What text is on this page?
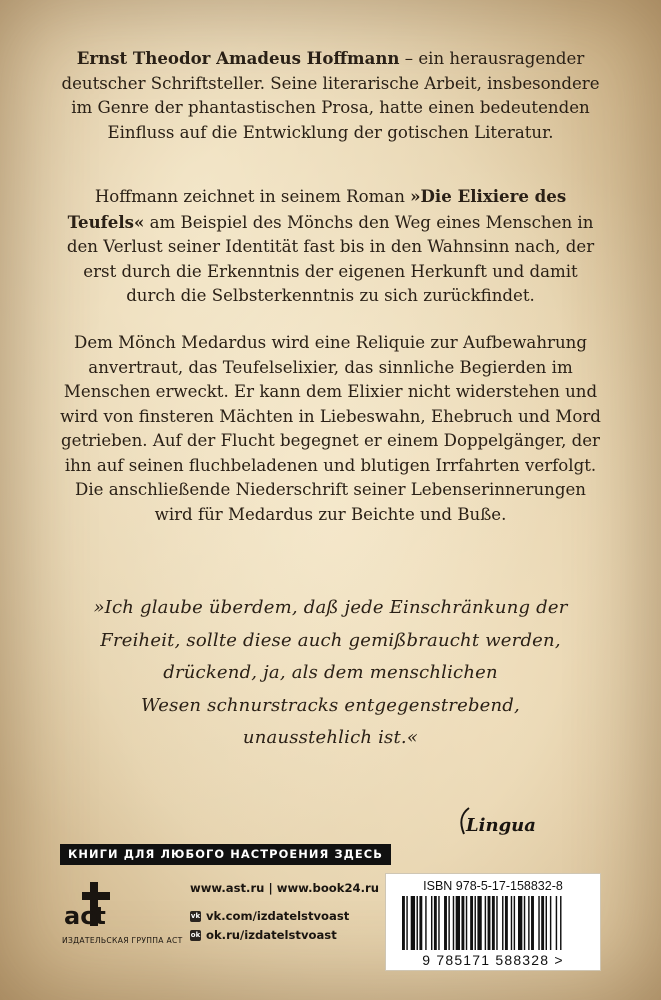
Ernst Theodor Amadeus Hoffmann – ein herausragender deutscher Schriftsteller. Seine literarische Arbeit, insbesondere im Genre der phantastischen Prosa, hatte einen bedeutenden Einfluss auf die Entwicklung der gotischen Literatur.

Hoffmann zeichnet in seinem Roman »Die Elixiere des Teufels« am Beispiel des Mönchs den Weg eines Menschen in den Verlust seiner Identität fast bis in den Wahnsinn nach, der erst durch die Erkenntnis der eigenen Herkunft und damit durch die Selbsterkenntnis zu sich zurückfindet.

Dem Mönch Medardus wird eine Reliquie zur Aufbewahrung anvertraut, das Teufelselixier, das sinnliche Begierden im Menschen erweckt. Er kann dem Elixier nicht widerstehen und wird von finsteren Mächten in Liebeswahn, Ehebruch und Mord getrieben. Auf der Flucht begegnet er einem Doppelgänger, der ihn auf seinen fluchbeladenen und blutigen Irrfahrten verfolgt. Die anschließende Niederschrift seiner Lebenserinnerungen wird für Medardus zur Beichte und Buße.

»Ich glaube überdem, daß jede Einschränkung der
Freiheit, sollte diese auch gemißbraucht werden,
drückend, ja, als dem menschlichen
Wesen schnurstracks entgegenstrebend,
unausstehlich ist.«
КНИГИ ДЛЯ ЛЮБОГО НАСТРОЕНИЯ ЗДЕСЬ
Lingua
act
ИЗДАТЕЛЬСКАЯ ГРУППА АСТ
www.ast.ru | www.book24.ru
vk vk.com/izdatelstvoast
ok ok.ru/izdatelstvoast
ISBN 978-5-17-158832-8
9 785171 588328 >
